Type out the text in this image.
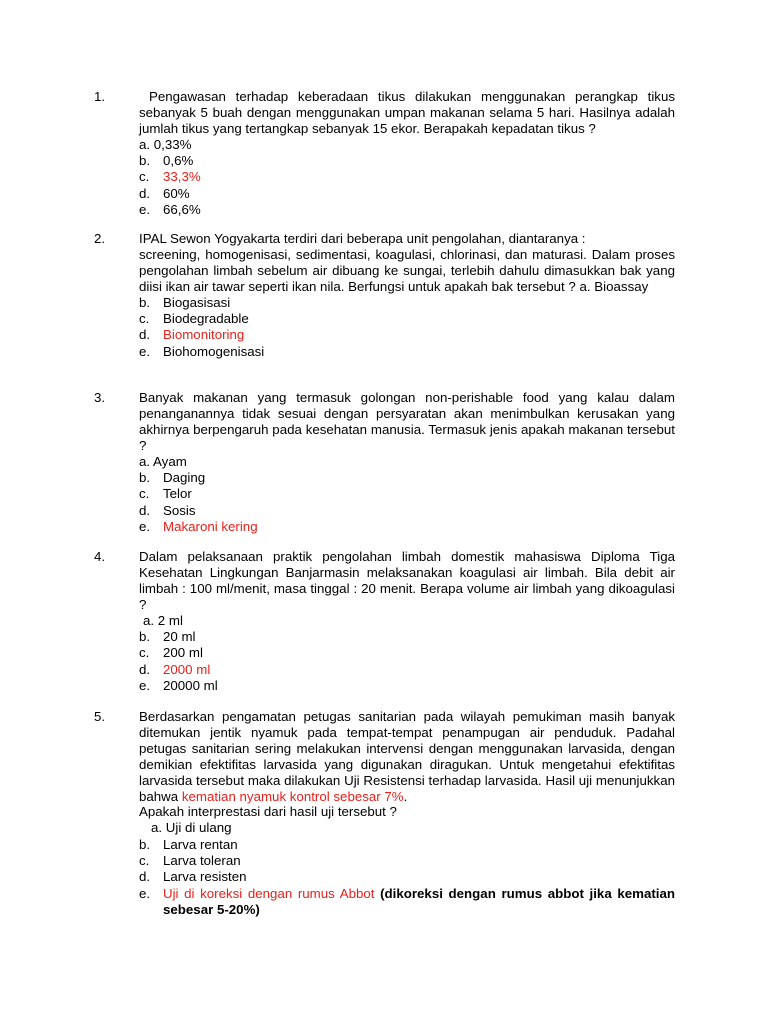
1.	Pengawasan terhadap keberadaan tikus dilakukan menggunakan perangkap tikus sebanyak 5 buah dengan menggunakan umpan makanan selama 5 hari. Hasilnya adalah jumlah tikus yang tertangkap sebanyak 15 ekor. Berapakah kepadatan tikus ?

a. 0,33%
b. 0,6%
c. 33,3%
d. 60%
e. 66,6%
2.	IPAL Sewon Yogyakarta terdiri dari beberapa unit pengolahan, diantaranya :

screening, homogenisasi, sedimentasi, koagulasi, chlorinasi, dan maturasi. Dalam proses pengolahan limbah sebelum air dibuang ke sungai, terlebih dahulu dimasukkan bak yang diisi ikan air tawar seperti ikan nila. Berfungsi untuk apakah bak tersebut ? a. Bioassay

b. Biogasisasi
c. Biodegradable
d. Biomonitoring
e. Biohomogenisasi
3.	Banyak makanan yang termasuk golongan non-perishable food yang kalau dalam penanganannya tidak sesuai dengan persyaratan akan menimbulkan kerusakan yang akhirnya berpengaruh pada kesehatan manusia. Termasuk jenis apakah makanan tersebut ?

a. Ayam
b. Daging
c. Telor
d. Sosis
e. Makaroni kering
4.	Dalam pelaksanaan praktik pengolahan limbah domestik mahasiswa Diploma Tiga Kesehatan Lingkungan Banjarmasin melaksanakan koagulasi air limbah. Bila debit air limbah : 100 ml/menit, masa tinggal : 20 menit. Berapa volume air limbah yang dikoagulasi ?

a. 2 ml
b. 20 ml
c. 200 ml
d. 2000 ml
e. 20000 ml
5.	Berdasarkan pengamatan petugas sanitarian pada wilayah pemukiman masih banyak ditemukan jentik nyamuk pada tempat-tempat penampugan air penduduk. Padahal petugas sanitarian sering melakukan intervensi dengan menggunakan larvasida, dengan demikian efektifitas larvasida yang digunakan diragukan. Untuk mengetahui efektifitas larvasida tersebut maka dilakukan Uji Resistensi terhadap larvasida. Hasil uji menunjukkan bahwa kematian nyamuk kontrol sebesar 7%.

Apakah interprestasi dari hasil uji tersebut ?

a. Uji di ulang
b. Larva rentan
c. Larva toleran
d. Larva resisten
e. Uji di koreksi dengan rumus Abbot (dikoreksi dengan rumus abbot jika kematian sebesar 5-20%)
